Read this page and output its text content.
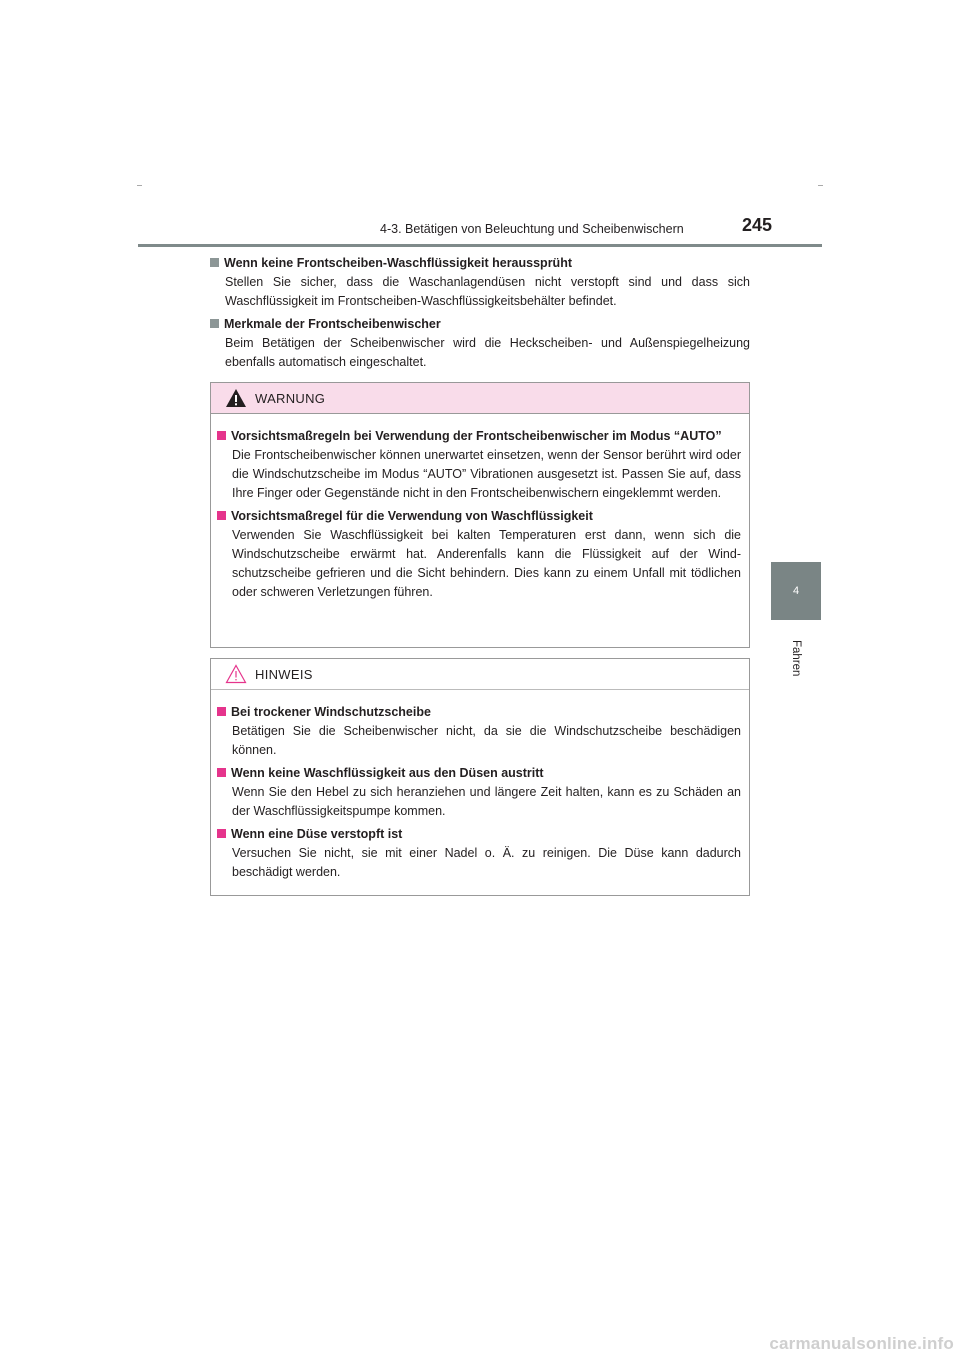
4-3. Betätigen von Beleuchtung und Scheibenwischern	245
4
Fahren

Wenn keine Frontscheiben-Waschflüssigkeit heraussprüht

Stellen Sie sicher, dass die Waschanlagendüsen nicht verstopft sind und dass sich Waschflüssigkeit im Frontscheiben-Waschflüssigkeitsbehälter befindet.

Merkmale der Frontscheibenwischer

Beim Betätigen der Scheibenwischer wird die Heckscheiben- und Außenspiegelheizung ebenfalls automatisch eingeschaltet.

WARNUNG

Vorsichtsmaßregeln bei Verwendung der Frontscheibenwischer im Modus “AUTO”

Die Frontscheibenwischer können unerwartet einsetzen, wenn der Sensor berührt wird oder die Windschutzscheibe im Modus “AUTO” Vibrationen ausgesetzt ist. Passen Sie auf, dass Ihre Finger oder Gegenstände nicht in den Frontscheibenwischern eingeklemmt werden.

Vorsichtsmaßregel für die Verwendung von Waschflüssigkeit

Verwenden Sie Waschflüssigkeit bei kalten Temperaturen erst dann, wenn sich die Windschutzscheibe erwärmt hat. Anderenfalls kann die Flüssigkeit auf der Windschutzscheibe gefrieren und die Sicht behindern. Dies kann zu einem Unfall mit tödlichen oder schweren Verletzungen führen.

HINWEIS

Bei trockener Windschutzscheibe

Betätigen Sie die Scheibenwischer nicht, da sie die Windschutzscheibe beschädigen können.

Wenn keine Waschflüssigkeit aus den Düsen austritt

Wenn Sie den Hebel zu sich heranziehen und längere Zeit halten, kann es zu Schäden an der Waschflüssigkeitspumpe kommen.

Wenn eine Düse verstopft ist

Versuchen Sie nicht, sie mit einer Nadel o. Ä. zu reinigen. Die Düse kann dadurch beschädigt werden.

carmanualsonline.info
